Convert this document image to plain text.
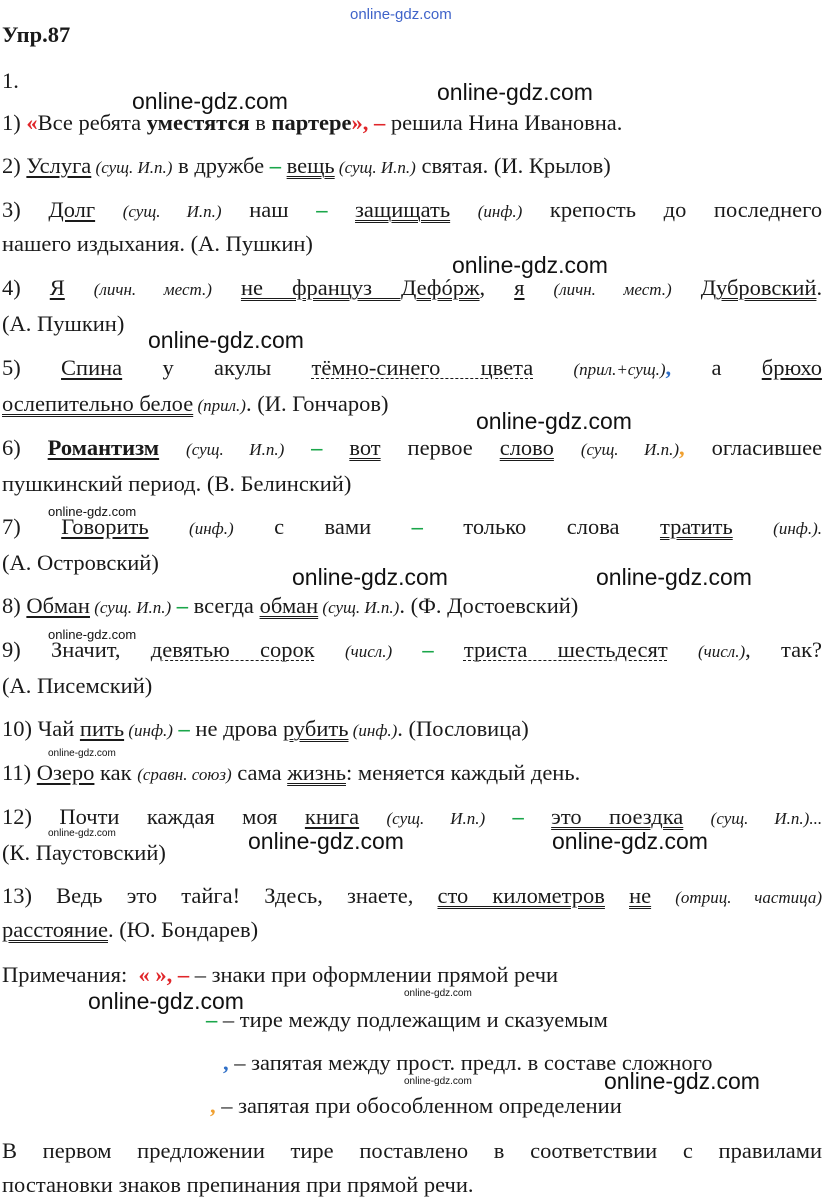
online-gdz.com
online-gdz.com	online-gdz.com
online-gdz.com
online-gdz.com
online-gdz.com
online-gdz.com
online-gdz.com	online-gdz.com
online-gdz.com
online-gdz.com
online-gdz.com	online-gdz.com	online-gdz.com
online-gdz.com
online-gdz.com
online-gdz.com	online-gdz.com
Упр.87
1.
1) «Все ребята уместятся в партере», – решила Нина Ивановна.
2) Услуга (сущ. И.п.) в дружбе – вещь (сущ. И.п.) святая. (И. Крылов)
3) Долг (сущ. И.п.) наш – защищать (инф.) крепость до последнего
нашего издыхания. (А. Пушкин)
4) Я (личн. мест.) не француз Дефóрж, я (личн. мест.) Дубровский.
(А. Пушкин)
5) Спина у акулы тёмно-синего цвета (прил.+сущ.), а брюхо
ослепительно белое (прил.). (И. Гончаров)
6) Романтизм (сущ. И.п.) – вот первое слово (сущ. И.п.), огласившее
пушкинский период. (В. Белинский)
7) Говорить (инф.) с вами – только слова тратить (инф.).
(А. Островский)
8) Обман (сущ. И.п.) – всегда обман (сущ. И.п.). (Ф. Достоевский)
9) Значит, девятью сорок (числ.) – триста шестьдесят (числ.), так?
(А. Писемский)
10) Чай пить (инф.) – не дрова рубить (инф.). (Пословица)
11) Озеро как (сравн. союз) сама жизнь: меняется каждый день.
12) Почти каждая моя книга (сущ. И.п.) – это поездка (сущ. И.п.)...
(К. Паустовский)
13) Ведь это тайга! Здесь, знаете, сто километров не (отриц. частица)
расстояние. (Ю. Бондарев)
Примечания: « », – – знаки при оформлении прямой речи
– – тире между подлежащим и сказуемым
, – запятая между прост. предл. в составе сложного
, – запятая при обособленном определении
В первом предложении тире поставлено в соответствии с правилами
постановки знаков препинания при прямой речи.
